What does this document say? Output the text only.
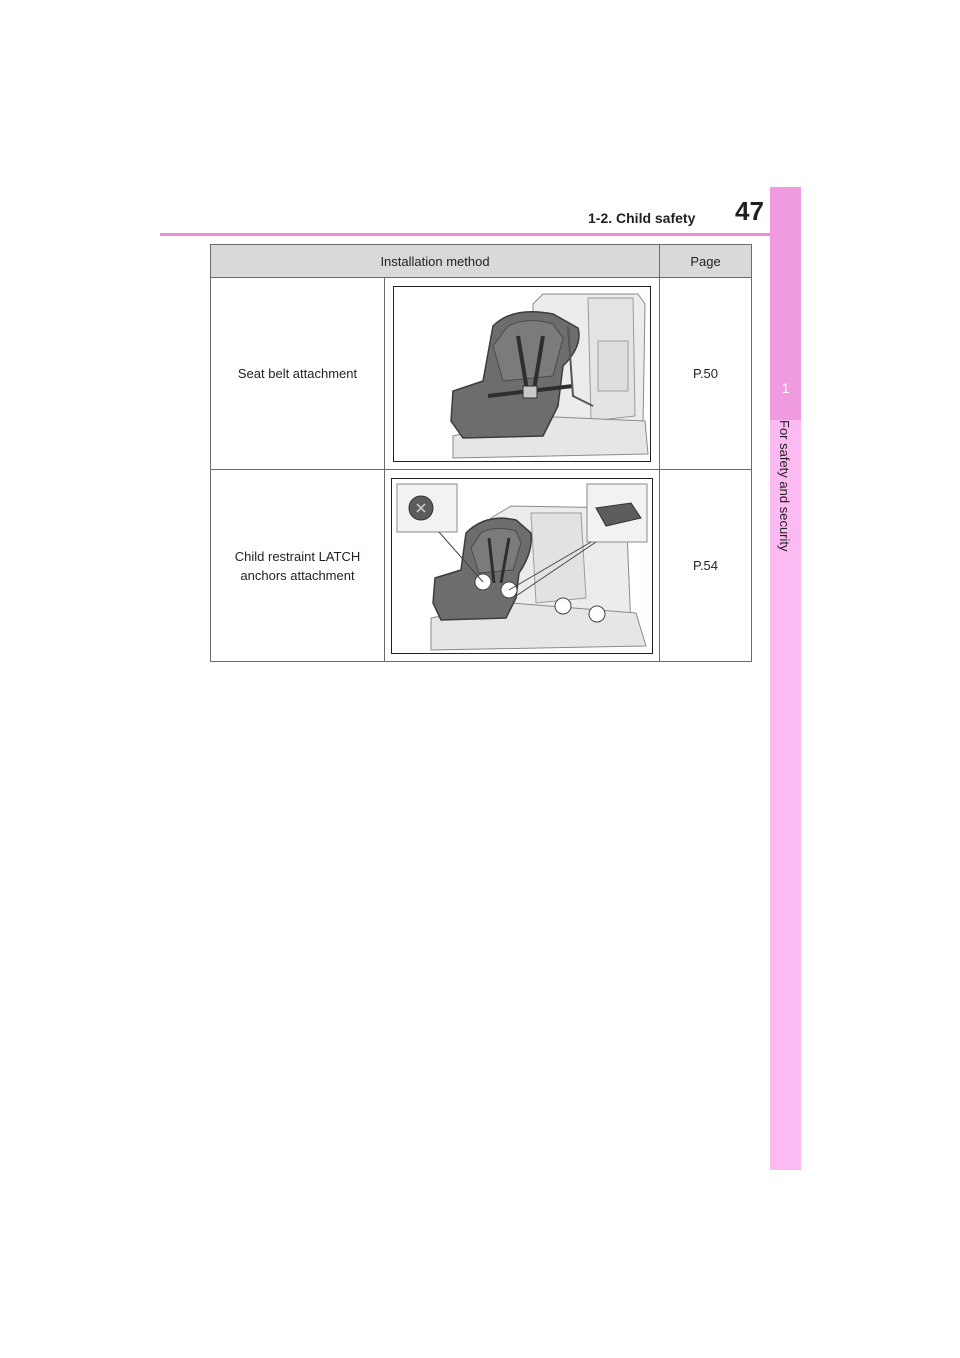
1-2. Child safety 47
1
For safety and security
Installation method		Page
Seat belt attachment		P.50
Child restraint LATCH anchors attachment		P.54
